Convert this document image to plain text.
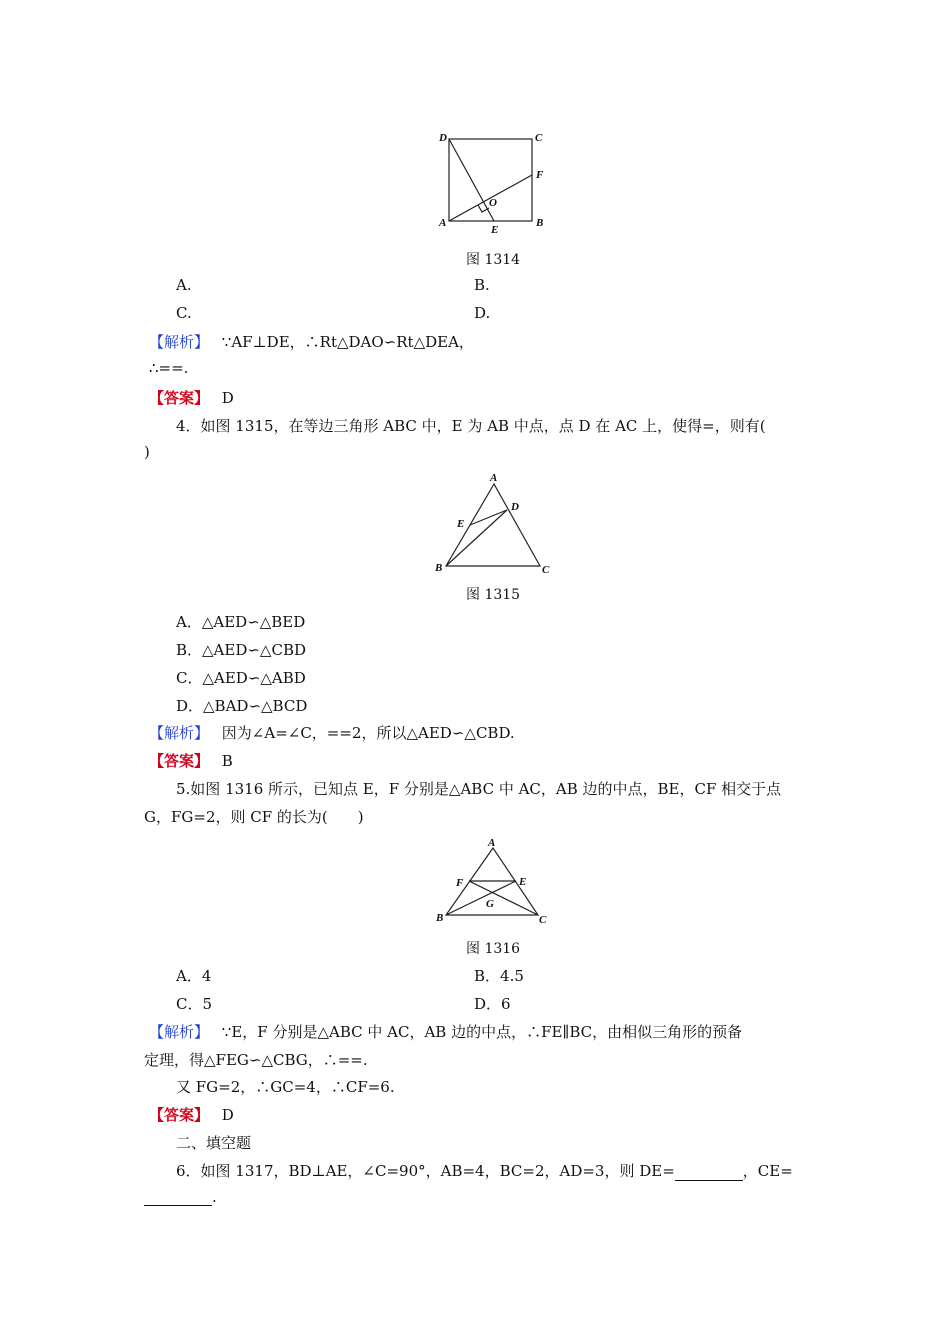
D	C
F
O
A
E
B
图 1314
A.	B.
C.	D.
【解析】 ∵AF⊥DE，∴Rt△DAO∽Rt△DEA，
∴==.
【答案】 D
4．如图 1315，在等边三角形 ABC 中，E 为 AB 中点，点 D 在 AC 上，使得=，则有(
)
A
D
E
B	C
图 1315
A．△AED∽△BED
B．△AED∽△CBD
C．△AED∽△ABD
D．△BAD∽△BCD
【解析】 因为∠A=∠C，==2，所以△AED∽△CBD.
【答案】 B
5.如图 1316 所示，已知点 E，F 分别是△ABC 中 AC，AB 边的中点，BE，CF 相交于点
G，FG=2，则 CF 的长为(　　)
A
F	E
G
B	C
图 1316
A．4	B．4.5
C．5	D．6
【解析】 ∵E，F 分别是△ABC 中 AC，AB 边的中点，∴FE∥BC，由相似三角形的预备
定理，得△FEG∽△CBG，∴==.
又 FG=2，∴GC=4，∴CF=6.
【答案】 D
二、填空题
6．如图 1317，BD⊥AE，∠C=90°，AB=4，BC=2，AD=3，则 DE=	，CE=
.
